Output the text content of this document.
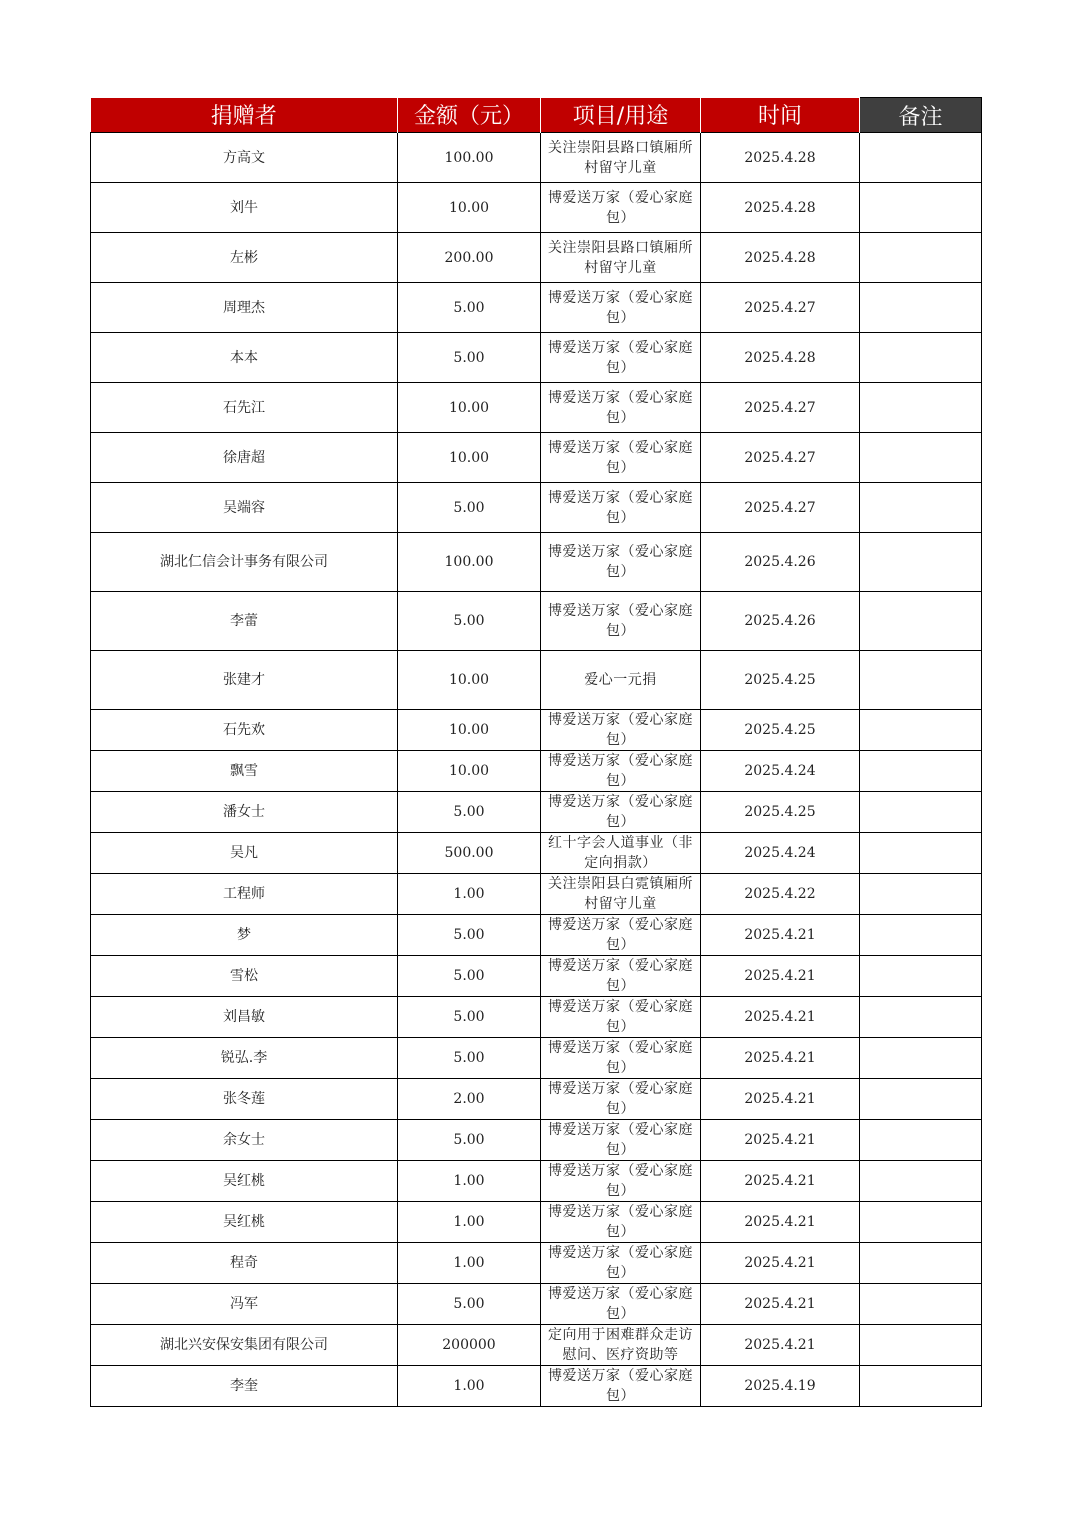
捐赠者	金额（元）	项目/用途	时间	备注
方高文	100.00	关注崇阳县路口镇厢所村留守儿童	2025.4.28	
刘牛	10.00	博爱送万家（爱心家庭包）	2025.4.28	
左彬	200.00	关注崇阳县路口镇厢所村留守儿童	2025.4.28	
周理杰	5.00	博爱送万家（爱心家庭包）	2025.4.27	
本本	5.00	博爱送万家（爱心家庭包）	2025.4.28	
石先江	10.00	博爱送万家（爱心家庭包）	2025.4.27	
徐唐超	10.00	博爱送万家（爱心家庭包）	2025.4.27	
吴端容	5.00	博爱送万家（爱心家庭包）	2025.4.27	
湖北仁信会计事务有限公司	100.00	博爱送万家（爱心家庭包）	2025.4.26	
李蕾	5.00	博爱送万家（爱心家庭包）	2025.4.26	
张建才	10.00	爱心一元捐	2025.4.25	
石先欢	10.00	博爱送万家（爱心家庭包）	2025.4.25	
飘雪	10.00	博爱送万家（爱心家庭包）	2025.4.24	
潘女士	5.00	博爱送万家（爱心家庭包）	2025.4.25	
吴凡	500.00	红十字会人道事业（非定向捐款）	2025.4.24	
工程师	1.00	关注崇阳县白霓镇厢所村留守儿童	2025.4.22	
梦	5.00	博爱送万家（爱心家庭包）	2025.4.21	
雪松	5.00	博爱送万家（爱心家庭包）	2025.4.21	
刘昌敏	5.00	博爱送万家（爱心家庭包）	2025.4.21	
锐弘.李	5.00	博爱送万家（爱心家庭包）	2025.4.21	
张冬莲	2.00	博爱送万家（爱心家庭包）	2025.4.21	
余女士	5.00	博爱送万家（爱心家庭包）	2025.4.21	
吴红桃	1.00	博爱送万家（爱心家庭包）	2025.4.21	
吴红桃	1.00	博爱送万家（爱心家庭包）	2025.4.21	
程奇	1.00	博爱送万家（爱心家庭包）	2025.4.21	
冯军	5.00	博爱送万家（爱心家庭包）	2025.4.21	
湖北兴安保安集团有限公司	200000	定向用于困难群众走访慰问、医疗资助等	2025.4.21	
李奎	1.00	博爱送万家（爱心家庭包）	2025.4.19	
